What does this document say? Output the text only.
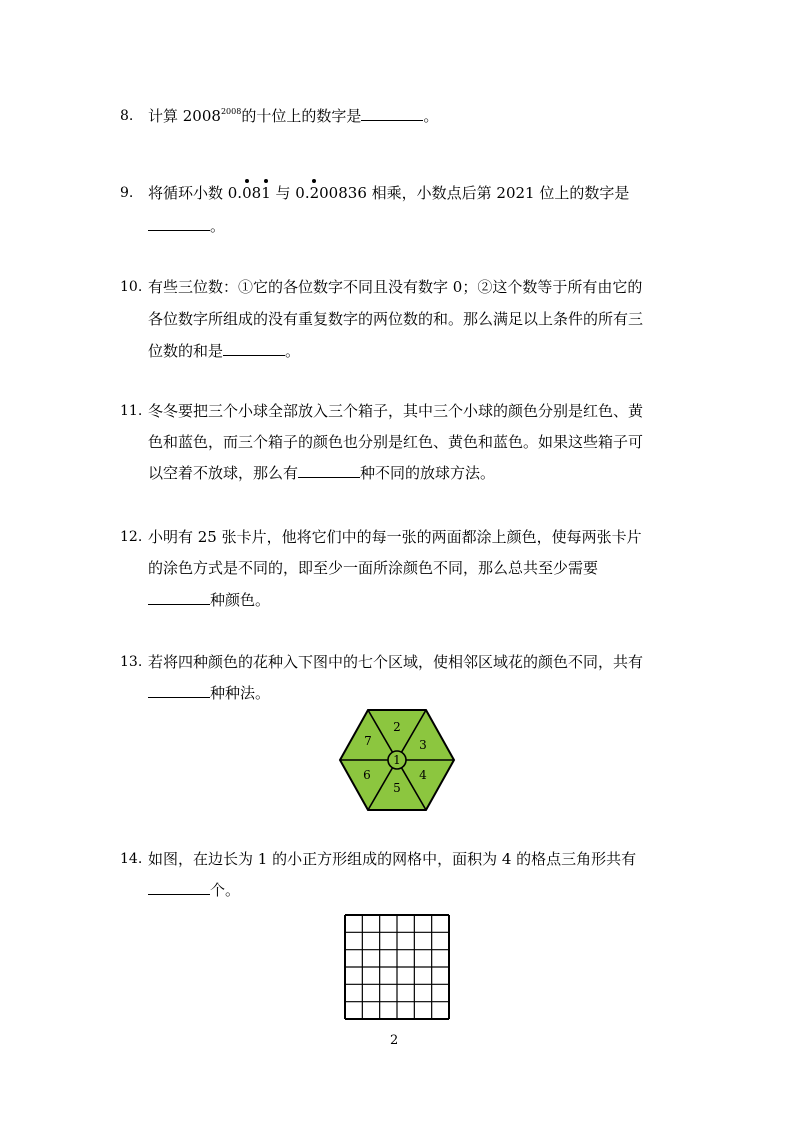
8. 计算 $2008^{2008}$的十位上的数字是	。
9. 将循环小数 0.081 与 0.200836 相乘，小数点后第 2021 位上的数字是
。
10. 有些三位数：①它的各位数字不同且没有数字 0；②这个数等于所有由它的
各位数字所组成的没有重复数字的两位数的和。那么满足以上条件的所有三
位数的和是	。
11. 冬冬要把三个小球全部放入三个箱子，其中三个小球的颜色分别是红色、黄
色和蓝色，而三个箱子的颜色也分别是红色、黄色和蓝色。如果这些箱子可
以空着不放球，那么有	种不同的放球方法。
12. 小明有 25 张卡片，他将它们中的每一张的两面都涂上颜色，使每两张卡片
的涂色方式是不同的，即至少一面所涂颜色不同，那么总共至少需要
种颜色。
13. 若将四种颜色的花种入下图中的七个区域，使相邻区域花的颜色不同，共有
种种法。
1
2
3
4
5
6
7
14. 如图，在边长为 1 的小正方形组成的网格中，面积为 4 的格点三角形共有
个。
2
